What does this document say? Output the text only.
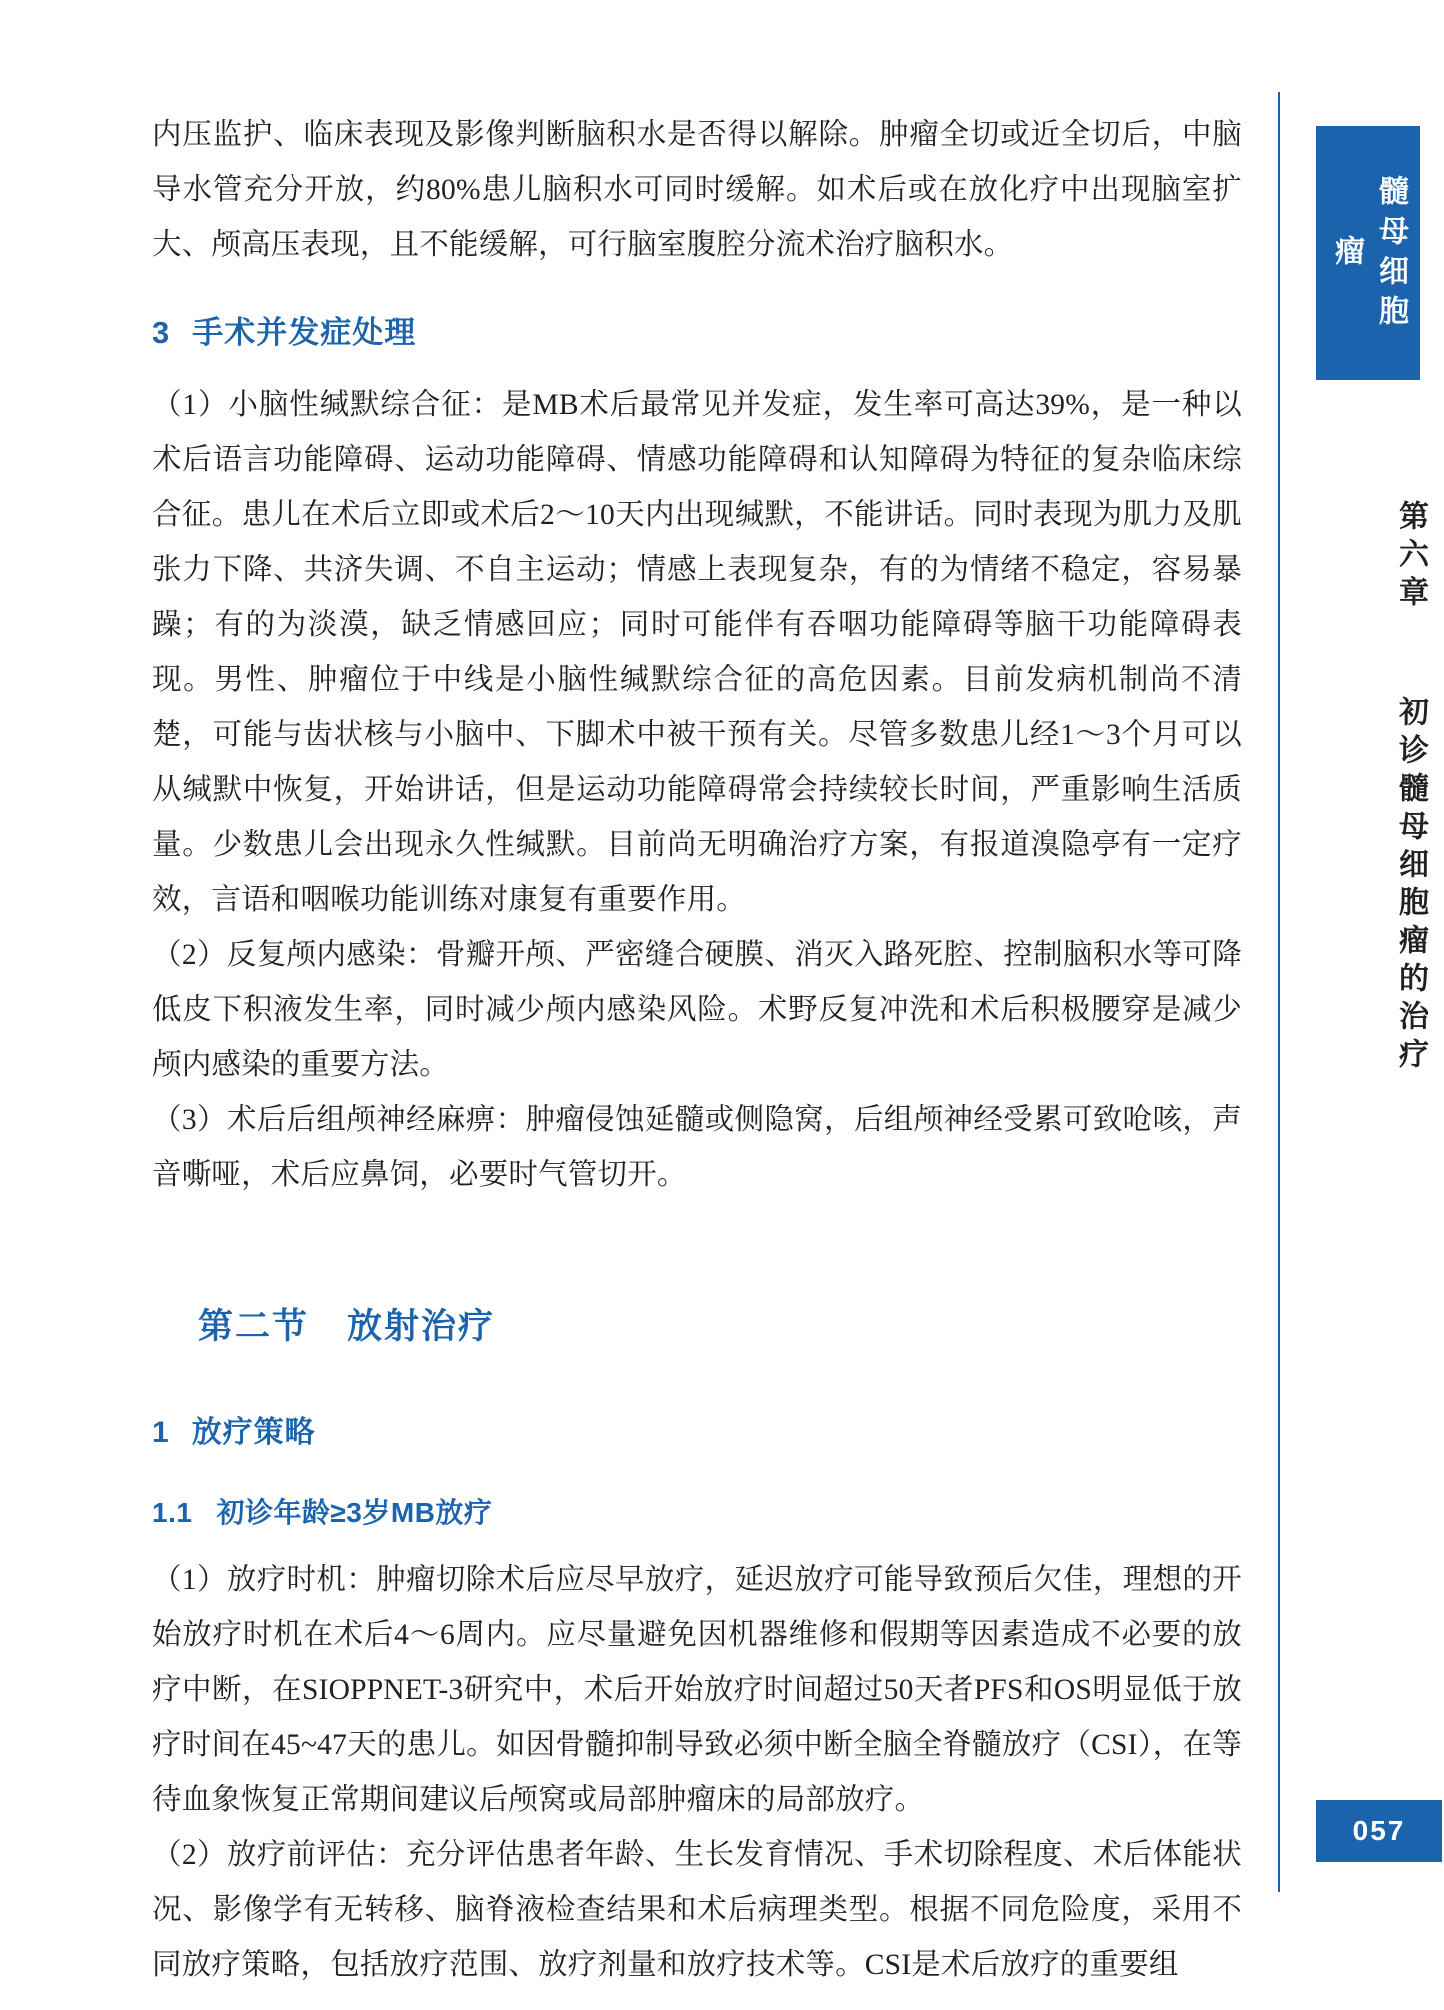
内压监护、临床表现及影像判断脑积水是否得以解除。肿瘤全切或近全切后，中脑导水管充分开放，约80%患儿脑积水可同时缓解。如术后或在放化疗中出现脑室扩大、颅高压表现，且不能缓解，可行脑室腹腔分流术治疗脑积水。

3 手术并发症处理

（1）小脑性缄默综合征：是MB术后最常见并发症，发生率可高达39%，是一种以术后语言功能障碍、运动功能障碍、情感功能障碍和认知障碍为特征的复杂临床综合征。患儿在术后立即或术后2～10天内出现缄默，不能讲话。同时表现为肌力及肌张力下降、共济失调、不自主运动；情感上表现复杂，有的为情绪不稳定，容易暴躁；有的为淡漠，缺乏情感回应；同时可能伴有吞咽功能障碍等脑干功能障碍表现。男性、肿瘤位于中线是小脑性缄默综合征的高危因素。目前发病机制尚不清楚，可能与齿状核与小脑中、下脚术中被干预有关。尽管多数患儿经1～3个月可以从缄默中恢复，开始讲话，但是运动功能障碍常会持续较长时间，严重影响生活质量。少数患儿会出现永久性缄默。目前尚无明确治疗方案，有报道溴隐亭有一定疗效，言语和咽喉功能训练对康复有重要作用。

（2）反复颅内感染：骨瓣开颅、严密缝合硬膜、消灭入路死腔、控制脑积水等可降低皮下积液发生率，同时减少颅内感染风险。术野反复冲洗和术后积极腰穿是减少颅内感染的重要方法。

（3）术后后组颅神经麻痹：肿瘤侵蚀延髓或侧隐窝，后组颅神经受累可致呛咳，声音嘶哑，术后应鼻饲，必要时气管切开。

第二节 放射治疗
1 放疗策略
1.1 初诊年龄≥3岁MB放疗

（1）放疗时机：肿瘤切除术后应尽早放疗，延迟放疗可能导致预后欠佳，理想的开始放疗时机在术后4～6周内。应尽量避免因机器维修和假期等因素造成不必要的放疗中断，在SIOPPNET-3研究中，术后开始放疗时间超过50天者PFS和OS明显低于放疗时间在45~47天的患儿。如因骨髓抑制导致必须中断全脑全脊髓放疗（CSI），在等待血象恢复正常期间建议后颅窝或局部肿瘤床的局部放疗。

（2）放疗前评估：充分评估患者年龄、生长发育情况、手术切除程度、术后体能状况、影像学有无转移、脑脊液检查结果和术后病理类型。根据不同危险度，采用不同放疗策略，包括放疗范围、放疗剂量和放疗技术等。CSI是术后放疗的重要组

髓母细胞瘤
第六章  初诊髓母细胞瘤的治疗
057
